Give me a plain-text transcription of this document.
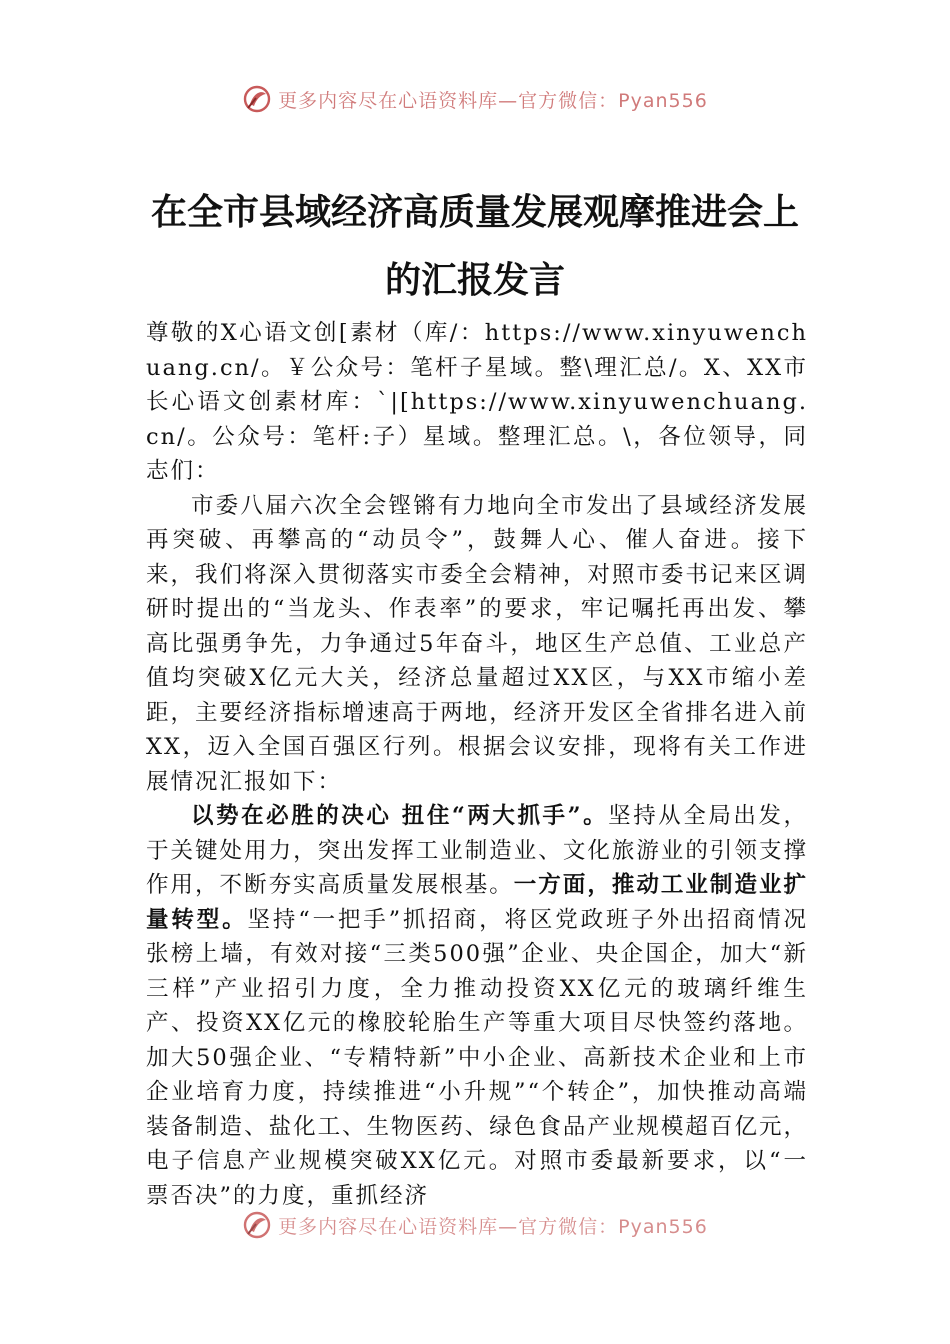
更多内容尽在心语资料库—官方微信：Pyan556
在全市县域经济高质量发展观摩推进会上
的汇报发言

尊敬的X心语文创[素材（库/：https://www.xinyuwenchuang.cn/。￥公众号：笔杆子星域。整\理汇总/。X、XX市长心语文创素材库：`|[https://www.xinyuwenchuang.cn/。公众号：笔杆:子）星域。整理汇总。\，各位领导，同志们：

市委八届六次全会铿锵有力地向全市发出了县域经济发展再突破、再攀高的“动员令”，鼓舞人心、催人奋进。接下来，我们将深入贯彻落实市委全会精神，对照市委书记来区调研时提出的“当龙头、作表率”的要求，牢记嘱托再出发、攀高比强勇争先，力争通过5年奋斗，地区生产总值、工业总产值均突破X亿元大关，经济总量超过XX区，与XX市缩小差距，主要经济指标增速高于两地，经济开发区全省排名进入前XX，迈入全国百强区行列。根据会议安排，现将有关工作进展情况汇报如下：

以势在必胜的决心 扭住“两大抓手”。坚持从全局出发，于关键处用力，突出发挥工业制造业、文化旅游业的引领支撑作用，不断夯实高质量发展根基。一方面，推动工业制造业扩量转型。坚持“一把手”抓招商，将区党政班子外出招商情况张榜上墙，有效对接“三类500强”企业、央企国企，加大“新三样”产业招引力度，全力推动投资XX亿元的玻璃纤维生产、投资XX亿元的橡胶轮胎生产等重大项目尽快签约落地。加大50强企业、“专精特新”中小企业、高新技术企业和上市企业培育力度，持续推进“小升规”“个转企”，加快推动高端装备制造、盐化工、生物医药、绿色食品产业规模超百亿元，电子信息产业规模突破XX亿元。对照市委最新要求，以“一票否决”的力度，重抓经济

更多内容尽在心语资料库—官方微信：Pyan556
